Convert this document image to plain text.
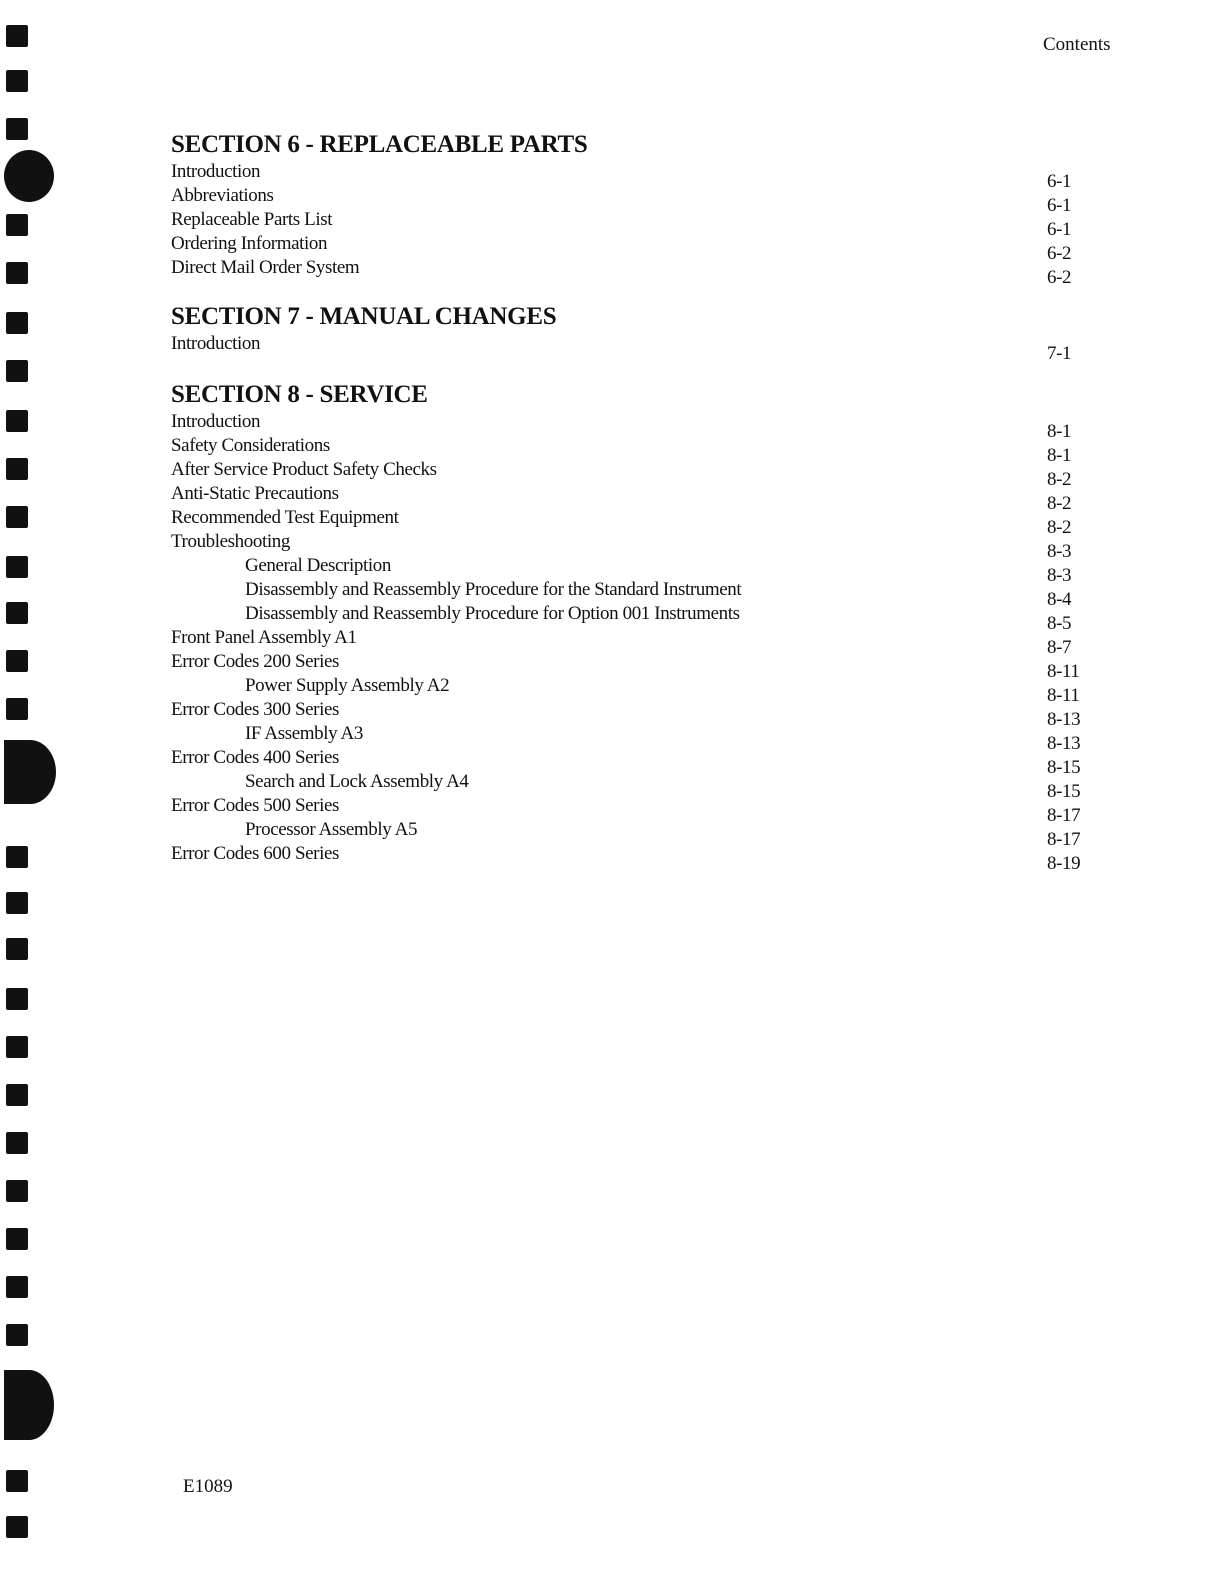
Contents
SECTION 6 - REPLACEABLE PARTS
Introduction	6-1
Abbreviations	6-1
Replaceable Parts List	6-1
Ordering Information	6-2
Direct Mail Order System	6-2
SECTION 7 - MANUAL CHANGES
Introduction	7-1
SECTION 8 - SERVICE
Introduction	8-1
Safety Considerations	8-1
After Service Product Safety Checks	8-2
Anti-Static Precautions	8-2
Recommended Test Equipment	8-2
Troubleshooting	8-3
General Description	8-3
Disassembly and Reassembly Procedure for the Standard Instrument	8-4
Disassembly and Reassembly Procedure for Option 001 Instruments	8-5
Front Panel Assembly A1	8-7
Error Codes 200 Series	8-11
Power Supply Assembly A2	8-11
Error Codes 300 Series	8-13
IF Assembly A3	8-13
Error Codes 400 Series	8-15
Search and Lock Assembly A4	8-15
Error Codes 500 Series	8-17
Processor Assembly A5	8-17
Error Codes 600 Series	8-19
E1089
